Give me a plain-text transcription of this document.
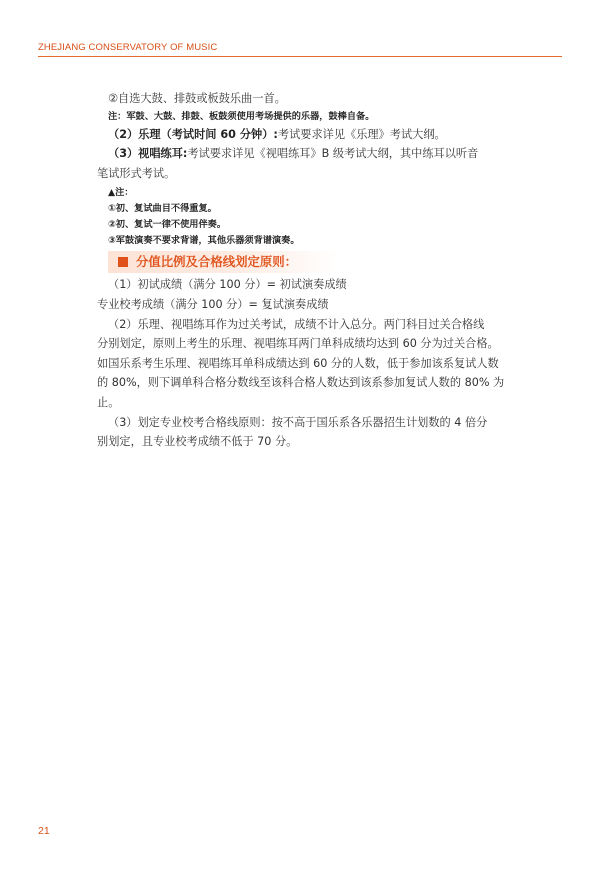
ZHEJIANG CONSERVATORY OF MUSIC
②自选大鼓、排鼓或板鼓乐曲一首。
注：军鼓、大鼓、排鼓、板鼓须使用考场提供的乐器，鼓棒自备。
（2）乐理（考试时间 60 分钟）:考试要求详见《乐理》考试大纲。
（3）视唱练耳:考试要求详见《视唱练耳》B 级考试大纲，其中练耳以听音
笔试形式考试。
▲注：
①初、复试曲目不得重复。
②初、复试一律不使用伴奏。
③军鼓演奏不要求背谱，其他乐器须背谱演奏。
分值比例及合格线划定原则：
（1）初试成绩（满分 100 分）= 初试演奏成绩
专业校考成绩（满分 100 分）= 复试演奏成绩
（2）乐理、视唱练耳作为过关考试，成绩不计入总分。两门科目过关合格线
分别划定，原则上考生的乐理、视唱练耳两门单科成绩均达到 60 分为过关合格。
如国乐系考生乐理、视唱练耳单科成绩达到 60 分的人数，低于参加该系复试人数
的 80%，则下调单科合格分数线至该科合格人数达到该系参加复试人数的 80% 为
止。
（3）划定专业校考合格线原则：按不高于国乐系各乐器招生计划数的 4 倍分
别划定，且专业校考成绩不低于 70 分。
21
